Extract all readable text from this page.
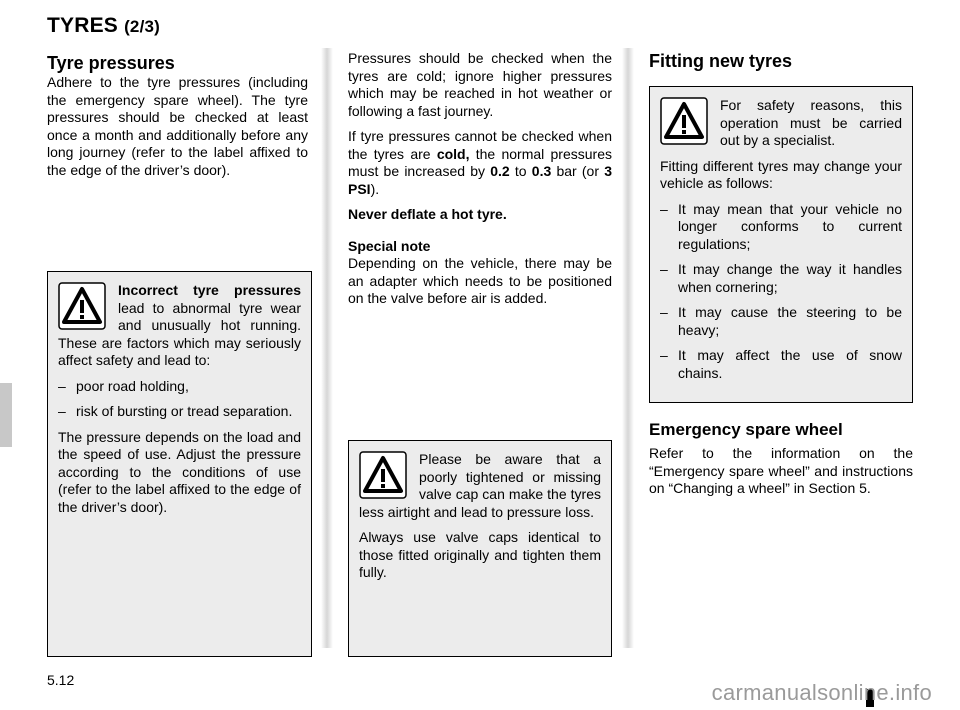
TYRES (2/3)
Tyre pressures

Adhere to the tyre pressures (including the emergency spare wheel). The tyre pressures should be checked at least once a month and additionally before any long journey (refer to the label affixed to the edge of the driver’s door).

Incorrect tyre pressures lead to abnormal tyre wear and unusually hot running. These are factors which may seriously affect safety and lead to:

– poor road holding,
– risk of bursting or tread separation.

The pressure depends on the load and the speed of use. Adjust the pressure according to the conditions of use (refer to the label affixed to the edge of the driver’s door).

Pressures should be checked when the tyres are cold; ignore higher pressures which may be reached in hot weather or following a fast journey.

If tyre pressures cannot be checked when the tyres are cold, the normal pressures must be increased by 0.2 to 0.3 bar (or 3 PSI).

Never deflate a hot tyre.

Special note

Depending on the vehicle, there may be an adapter which needs to be positioned on the valve before air is added.

Please be aware that a poorly tightened or missing valve cap can make the tyres less airtight and lead to pressure loss.

Always use valve caps identical to those fitted originally and tighten them fully.

Fitting new tyres

For safety reasons, this operation must be carried out by a specialist.

Fitting different tyres may change your vehicle as follows:

– It may mean that your vehicle no longer conforms to current regulations;
– It may change the way it handles when cornering;
– It may cause the steering to be heavy;
– It may affect the use of snow chains.
Emergency spare wheel

Refer to the information on the “Emergency spare wheel” and instructions on “Changing a wheel” in Section 5.

5.12	carmanualsonline.info
